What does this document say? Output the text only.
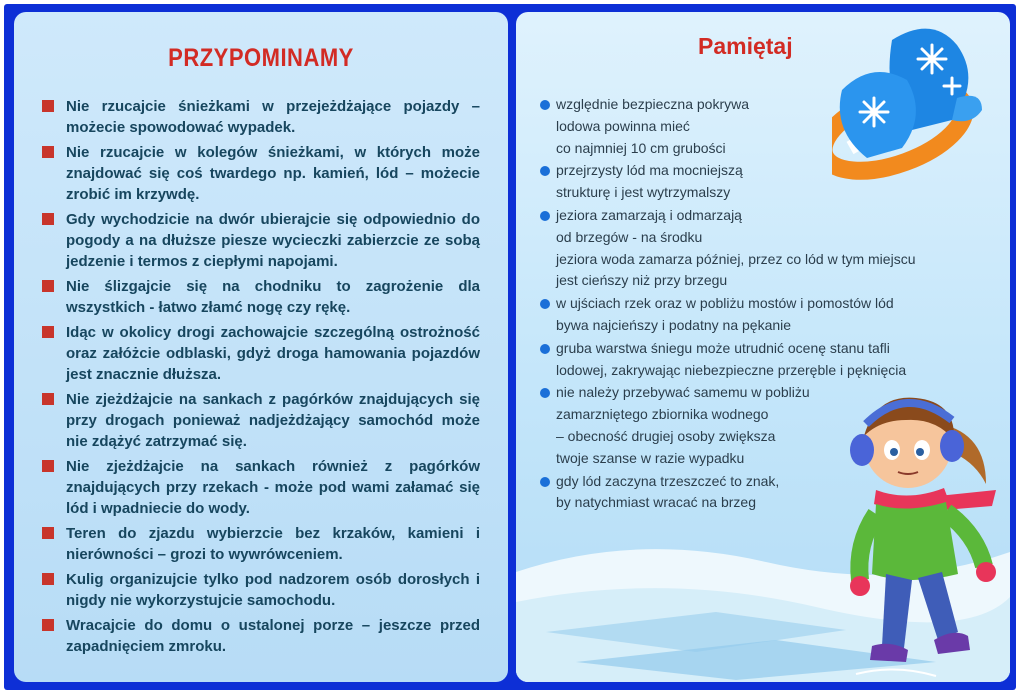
PRZYPOMINAMY
Nie rzucajcie śnieżkami w przejeżdżające pojazdy – możecie spowodować wypadek.
Nie rzucajcie w kolegów śnieżkami, w których może znajdować się coś twardego np. kamień, lód – możecie zrobić im krzywdę.
Gdy wychodzicie na dwór ubierajcie się odpowiednio do pogody a na dłuższe piesze wycieczki zabierzcie ze sobą jedzenie i termos z ciepłymi napojami.
Nie ślizgajcie się na chodniku to zagrożenie dla wszystkich - łatwo złamć nogę czy rękę.
Idąc w okolicy drogi zachowajcie szczególną ostrożność oraz załóżcie odblaski, gdyż droga hamowania pojazdów jest znacznie dłuższa.
Nie zjeżdżajcie na sankach z pagórków znajdujących się przy drogach ponieważ nadjeżdżający samochód może nie zdążyć zatrzymać się.
Nie zjeżdżajcie na sankach również z pagórków znajdujących przy rzekach - może pod wami załamać się lód i wpadniecie do wody.
Teren do zjazdu wybierzcie bez krzaków, kamieni i nierówności – grozi to wywrówceniem.
Kulig organizujcie tylko pod nadzorem osób dorosłych i nigdy nie wykorzystujcie samochodu.
Wracajcie do domu o ustalonej porze – jeszcze przed zapadnięciem zmroku.
Pamiętaj
względnie bezpieczna pokrywa
lodowa powinna mieć
co najmniej 10 cm grubości
przejrzysty lód ma mocniejszą
strukturę i jest wytrzymalszy
jeziora zamarzają i odmarzają
od brzegów - na środku
jeziora woda zamarza później, przez co lód w tym miejscu
jest cieńszy niż przy brzegu
w ujściach rzek oraz w pobliżu mostów i pomostów lód
bywa najcieńszy i podatny na pękanie
gruba warstwa śniegu może utrudnić ocenę stanu tafli
lodowej, zakrywając niebezpieczne przeręble i pęknięcia
nie należy przebywać samemu w pobliżu
zamarzniętego zbiornika wodnego
– obecność drugiej osoby zwiększa
twoje szanse w razie wypadku
gdy lód zaczyna trzeszczeć to znak,
by natychmiast wracać na brzeg
